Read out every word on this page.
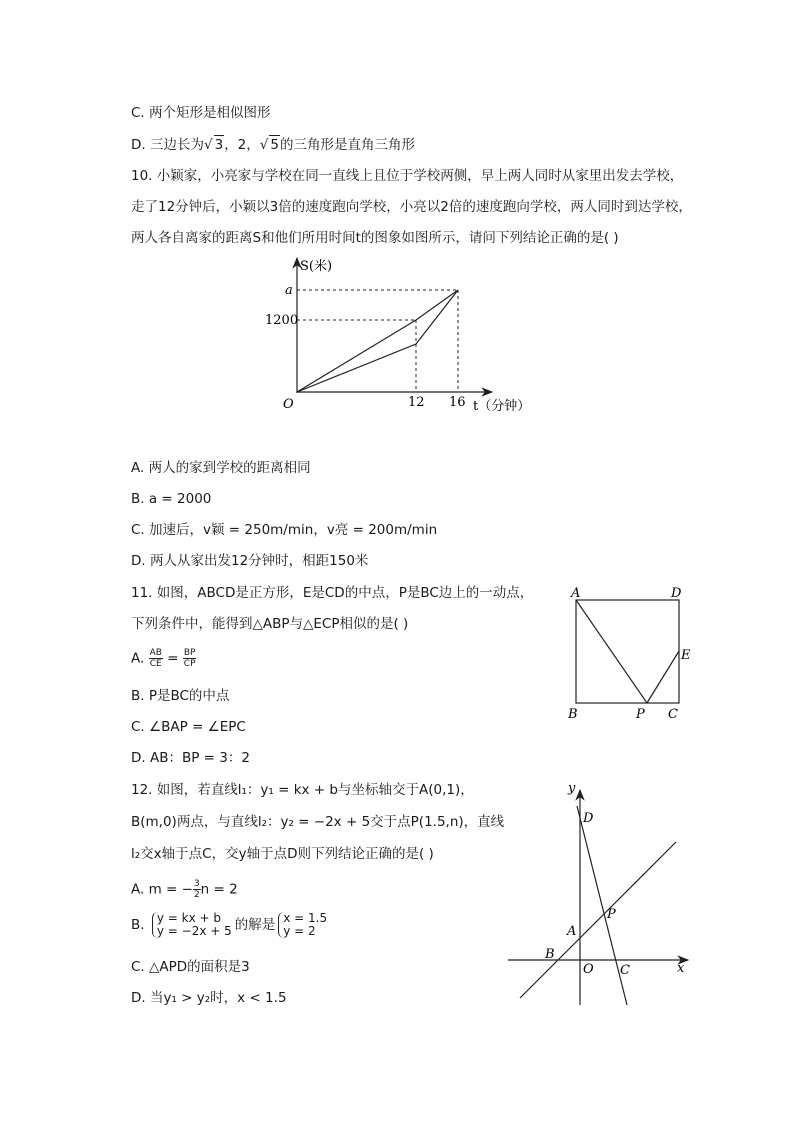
C. 两个矩形是相似图形
D. 三边长为√ 3，2，√ 5的三角形是直角三角形
10. 小颖家，小亮家与学校在同一直线上且位于学校两侧，早上两人同时从家里出发去学校，
走了12分钟后，小颖以3倍的速度跑向学校，小亮以2倍的速度跑向学校，两人同时到达学校，
两人各自离家的距离S和他们所用时间t的图象如图所示，请问下列结论正确的是( )
S(米)
a
1200
O	12 16 t（分钟）
A. 两人的家到学校的距离相同
B. a = 2000
C. 加速后，v颖 = 250m/min，v亮 = 200m/min
D. 两人从家出发12分钟时，相距150米
11. 如图，ABCD是正方形，E是CD的中点，P是BC边上的一动点，
下列条件中，能得到△ABP与△ECP相似的是( )
A. $\frac{AB}{CE} = \frac{BP}{CP}$
B. P是BC的中点
C. ∠BAP = ∠EPC
D. AB：BP = 3：2
A	D
E
B	P C
12. 如图，若直线l₁：y₁ = kx + b与坐标轴交于A(0,1)，
B(m,0)两点，与直线l₂：y₂ = −2x + 5交于点P(1.5,n)，直线
l₂交x轴于点C，交y轴于点D则下列结论正确的是( )
A. m = − $\frac{3}{2}$ n = 2
B. y = kx + b
y = −2x + 5 的解是 x = 1.5
y = 2
C. △APD的面积是3
D. 当y₁ > y₂时，x < 1.5
y
x
D
P
A
B
O C
